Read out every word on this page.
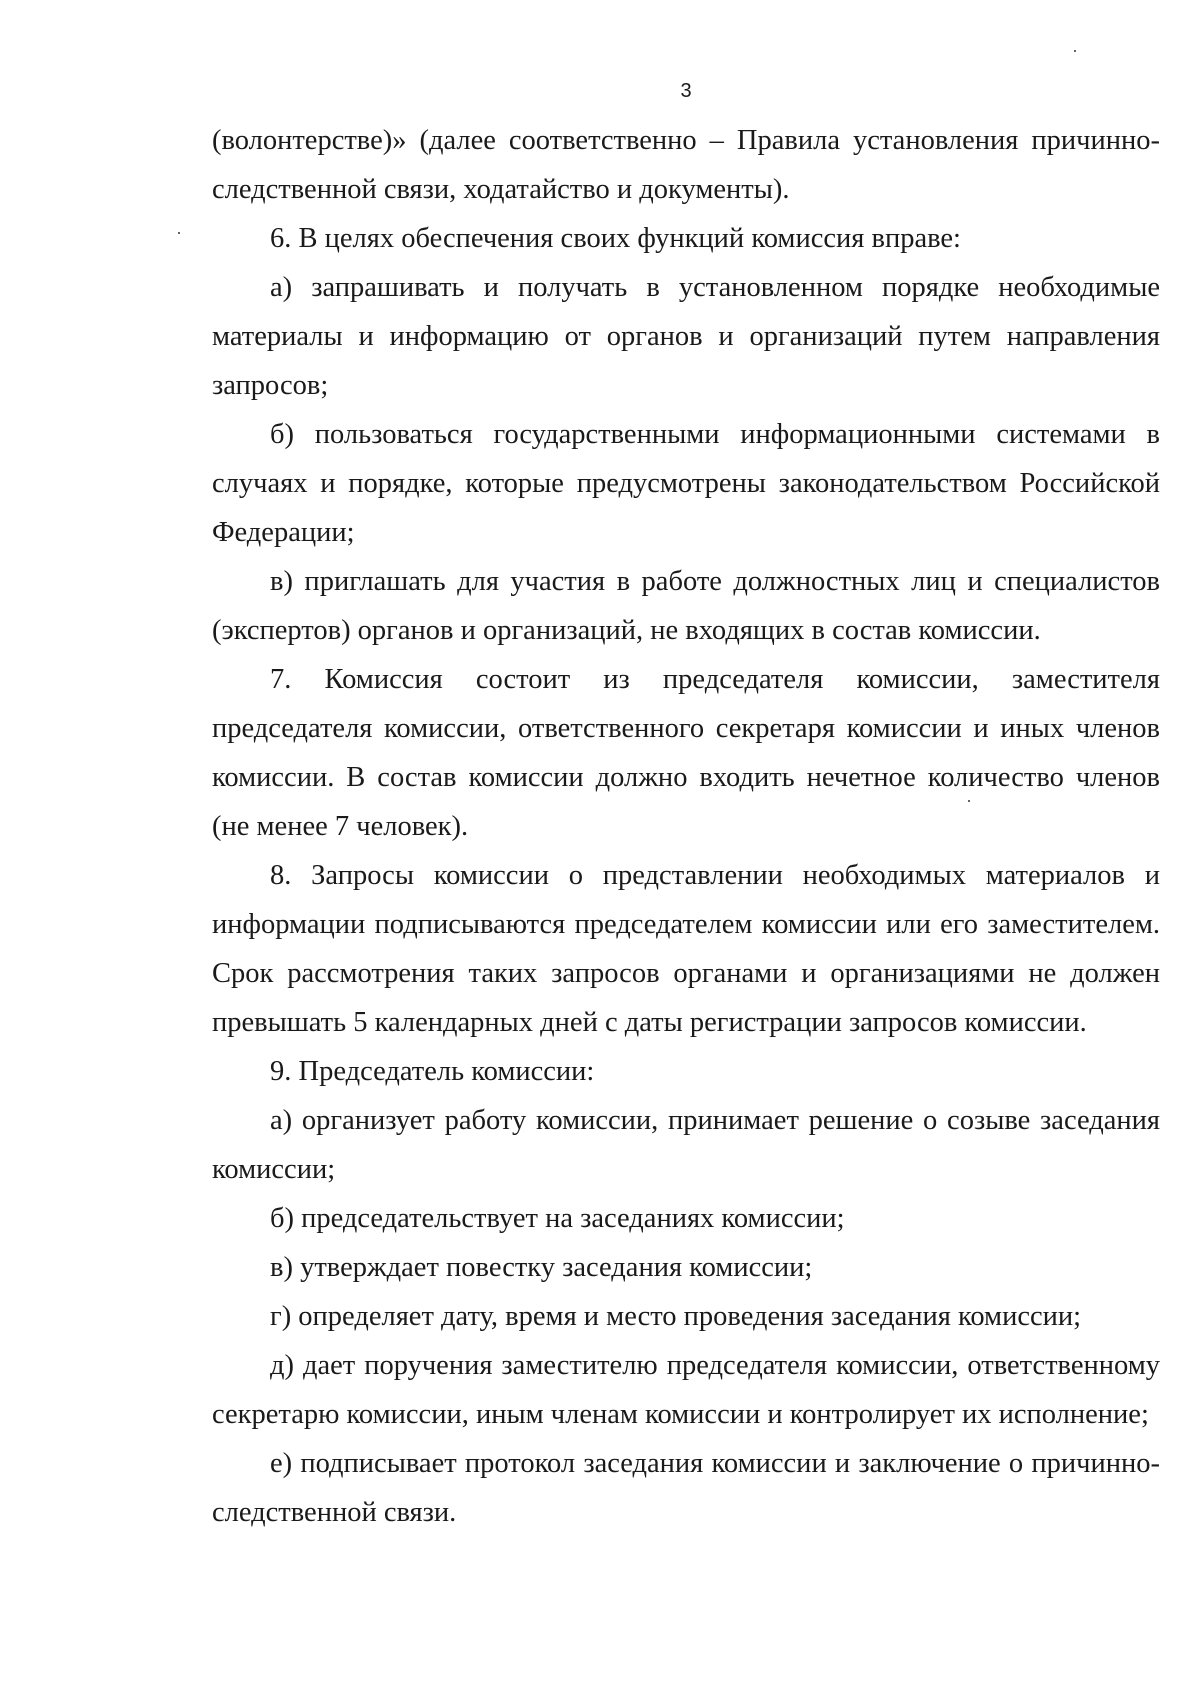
3

(волонтерстве)» (далее соответственно – Правила установления причинно-следственной связи, ходатайство и документы).

6. В целях обеспечения своих функций комиссия вправе:

а) запрашивать и получать в установленном порядке необходимые материалы и информацию от органов и организаций путем направления запросов;

б) пользоваться государственными информационными системами в случаях и порядке, которые предусмотрены законодательством Российской Федерации;

в) приглашать для участия в работе должностных лиц и специалистов (экспертов) органов и организаций, не входящих в состав комиссии.

7. Комиссия состоит из председателя комиссии, заместителя председателя комиссии, ответственного секретаря комиссии и иных членов комиссии. В состав комиссии должно входить нечетное количество членов (не менее 7 человек).

8. Запросы комиссии о представлении необходимых материалов и информации подписываются председателем комиссии или его заместителем. Срок рассмотрения таких запросов органами и организациями не должен превышать 5 календарных дней с даты регистрации запросов комиссии.

9. Председатель комиссии:

а) организует работу комиссии, принимает решение о созыве заседания комиссии;

б) председательствует на заседаниях комиссии;

в) утверждает повестку заседания комиссии;

г) определяет дату, время и место проведения заседания комиссии;

д) дает поручения заместителю председателя комиссии, ответственному секретарю комиссии, иным членам комиссии и контролирует их исполнение;

е) подписывает протокол заседания комиссии и заключение о причинно-следственной связи.
